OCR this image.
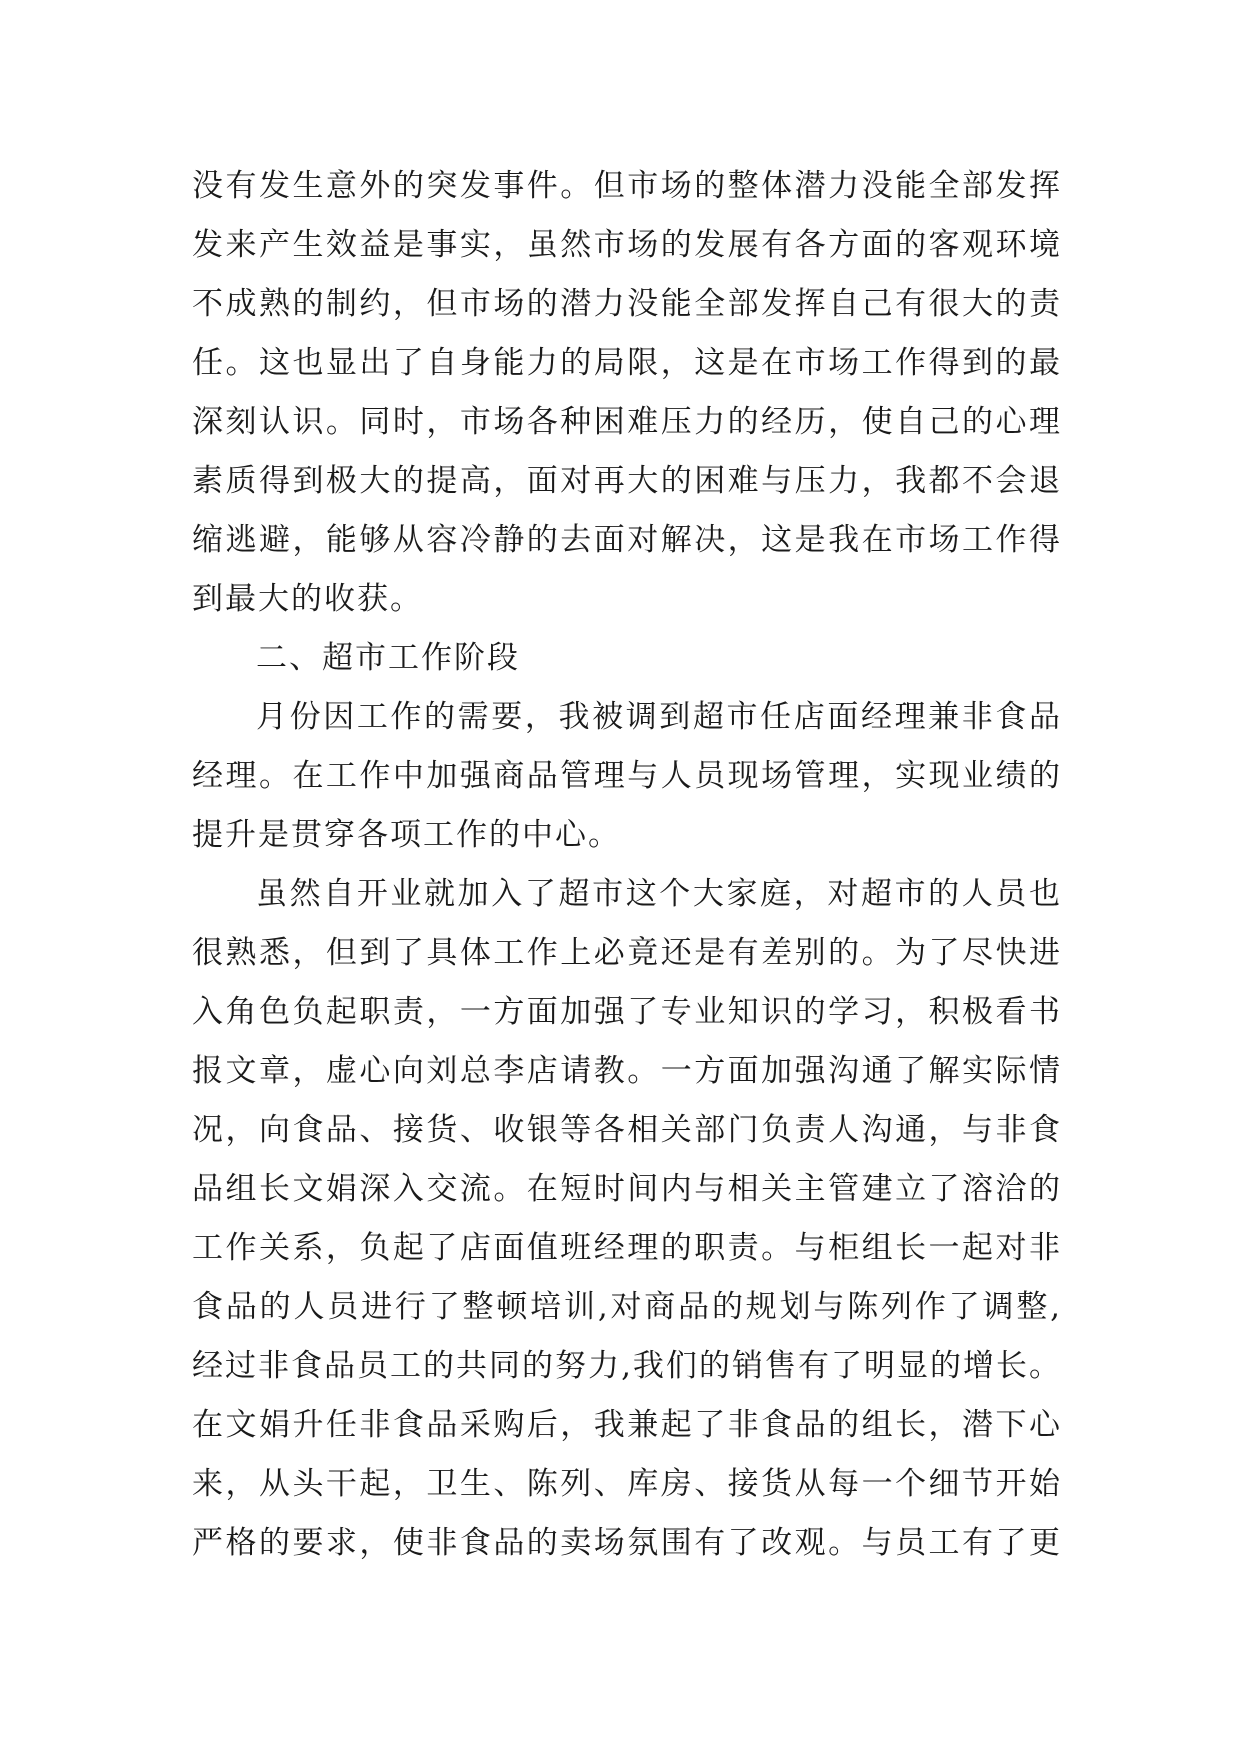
没有发生意外的突发事件。但市场的整体潜力没能全部发挥
发来产生效益是事实，虽然市场的发展有各方面的客观环境
不成熟的制约，但市场的潜力没能全部发挥自己有很大的责
任。这也显出了自身能力的局限，这是在市场工作得到的最
深刻认识。同时，市场各种困难压力的经历，使自己的心理
素质得到极大的提高，面对再大的困难与压力，我都不会退
缩逃避，能够从容冷静的去面对解决，这是我在市场工作得
到最大的收获。
二、超市工作阶段
月份因工作的需要，我被调到超市任店面经理兼非食品
经理。在工作中加强商品管理与人员现场管理，实现业绩的
提升是贯穿各项工作的中心。
虽然自开业就加入了超市这个大家庭，对超市的人员也
很熟悉，但到了具体工作上必竟还是有差别的。为了尽快进
入角色负起职责，一方面加强了专业知识的学习，积极看书
报文章，虚心向刘总李店请教。一方面加强沟通了解实际情
况，向食品、接货、收银等各相关部门负责人沟通，与非食
品组长文娟深入交流。在短时间内与相关主管建立了溶洽的
工作关系，负起了店面值班经理的职责。与柜组长一起对非
食品的人员进行了整顿培训,对商品的规划与陈列作了调整,
经过非食品员工的共同的努力,我们的销售有了明显的增长。
在文娟升任非食品采购后，我兼起了非食品的组长，潜下心
来，从头干起，卫生、陈列、库房、接货从每一个细节开始
严格的要求，使非食品的卖场氛围有了改观。与员工有了更
